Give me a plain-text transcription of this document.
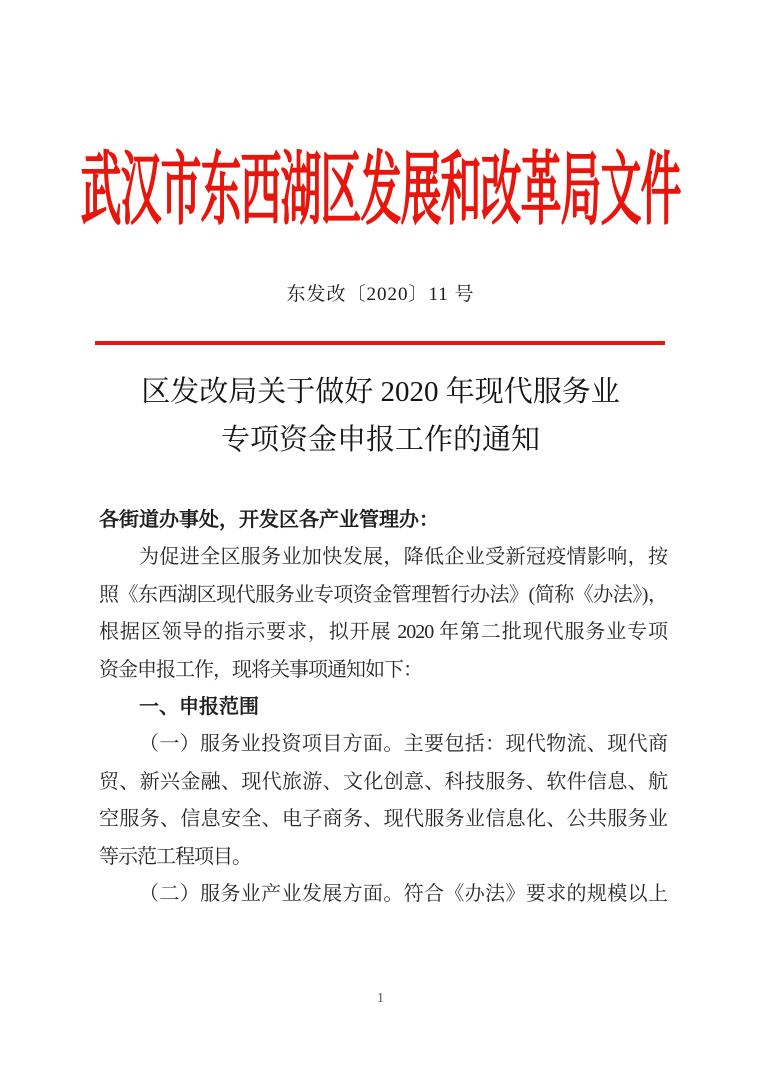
武汉市东西湖区发展和改革局文件
东发改〔2020〕11 号
区发改局关于做好 2020 年现代服务业
专项资金申报工作的通知
各街道办事处，开发区各产业管理办：
为促进全区服务业加快发展，降低企业受新冠疫情影响，按
照《东西湖区现代服务业专项资金管理暂行办法》(简称《办法》)，
根据区领导的指示要求，拟开展 2020 年第二批现代服务业专项
资金申报工作，现将关事项通知如下：
一、申报范围
（一）服务业投资项目方面。主要包括：现代物流、现代商
贸、新兴金融、现代旅游、文化创意、科技服务、软件信息、航
空服务、信息安全、电子商务、现代服务业信息化、公共服务业
等示范工程项目。
（二）服务业产业发展方面。符合《办法》要求的规模以上
1
